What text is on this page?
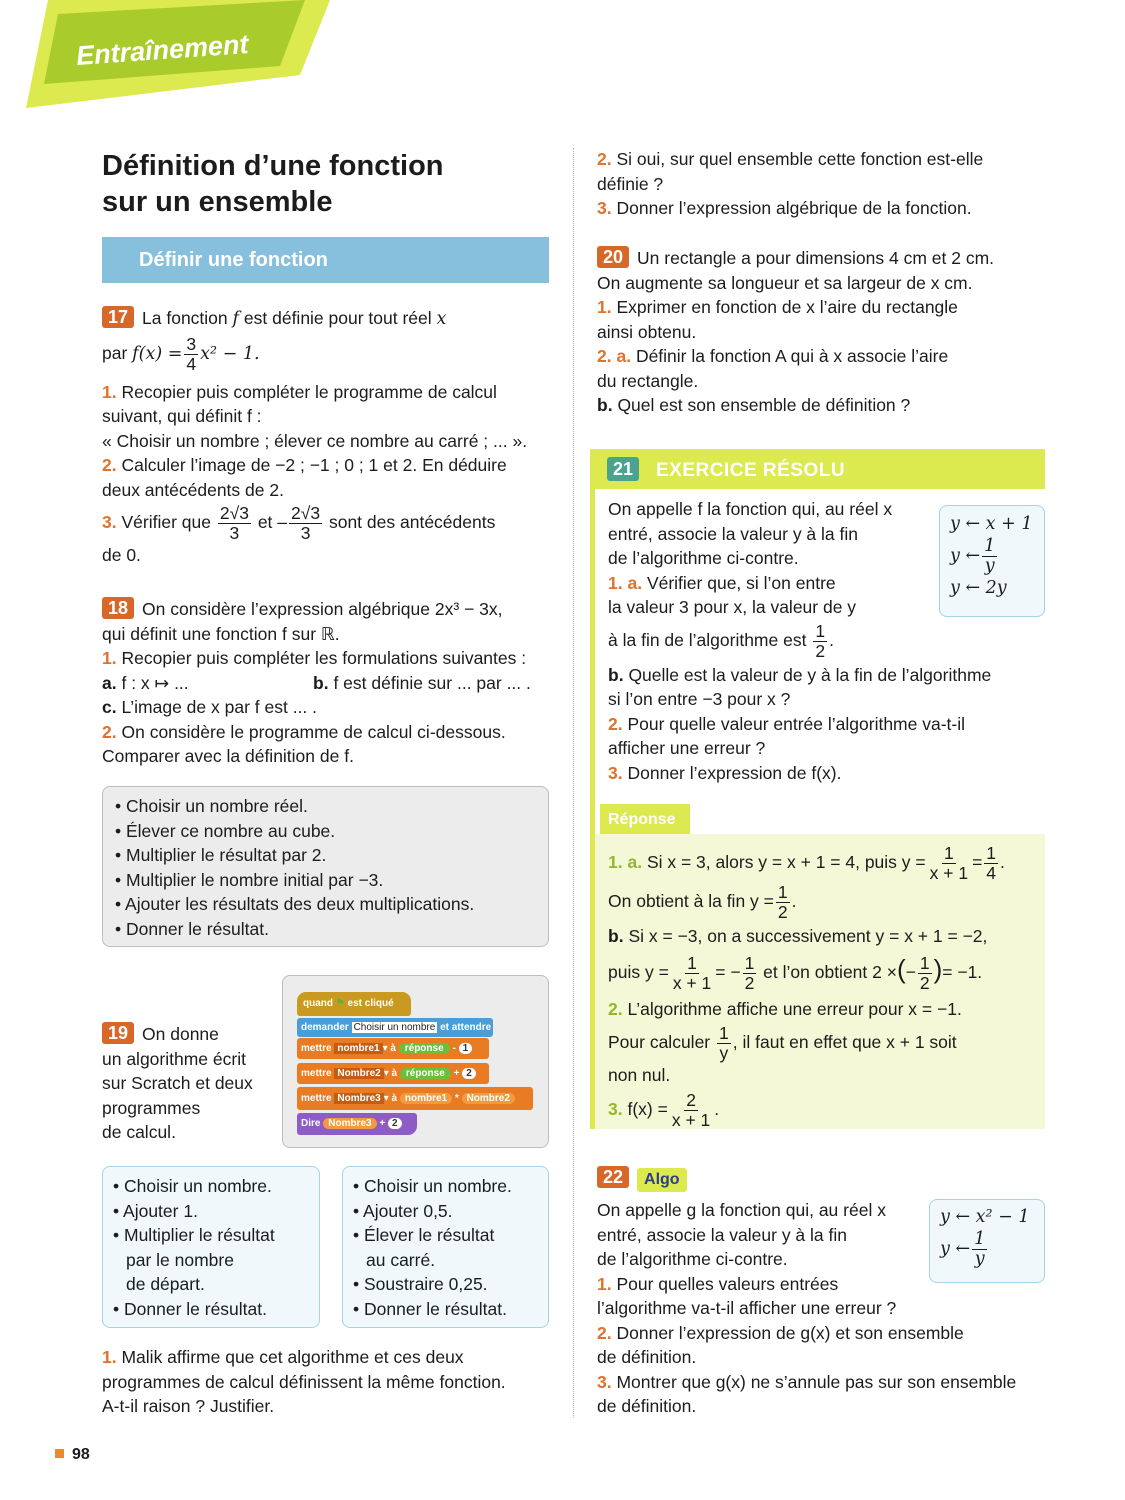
Entraînement
Définition d’une fonction
sur un ensemble
Définir une fonction
17 La fonction f est définie pour tout réel x
par $f(x) = \frac{3}{4} x^2 - 1$.
1. Recopier puis compléter le programme de calcul
suivant, qui définit f :
« Choisir un nombre ; élever ce nombre au carré ; ... ».
2. Calculer l’image de −2 ; −1 ; 0 ; 1 et 2. En déduire
deux antécédents de 2.
3. Vérifier que $\frac{2√3}{3}$ et – $\frac{2√3}{3}$ sont des antécédents
de 0.
18 On considère l’expression algébrique 2x³ − 3x,
qui définit une fonction f sur ℝ.
1. Recopier puis compléter les formulations suivantes :
a. f : x ↦ ...	b. f est définie sur ... par ... .
c. L’image de x par f est ... .
2. On considère le programme de calcul ci-dessous.
Comparer avec la définition de f.
• Choisir un nombre réel.
• Élever ce nombre au cube.
• Multiplier le résultat par 2.
• Multiplier le nombre initial par −3.
• Ajouter les résultats des deux multiplications.
• Donner le résultat.
quand ⚑ est cliqué
demander Choisir un nombre et attendre
mettre nombre1 ▾ à réponse - 1
mettre Nombre2 ▾ à réponse + 2
mettre Nombre3 ▾ à nombre1 * Nombre2
Dire Nombre3 + 2
19 On donne
un algorithme écrit
sur Scratch et deux
programmes
de calcul.
• Choisir un nombre.
• Ajouter 1.
• Multiplier le résultat
par le nombre
de départ.
• Donner le résultat.
• Choisir un nombre.
• Ajouter 0,5.
• Élever le résultat
au carré.
• Soustraire 0,25.
• Donner le résultat.
1. Malik affirme que cet algorithme et ces deux
programmes de calcul définissent la même fonction.
A-t-il raison ? Justifier.
2. Si oui, sur quel ensemble cette fonction est-elle
définie ?
3. Donner l’expression algébrique de la fonction.
20 Un rectangle a pour dimensions 4 cm et 2 cm.
On augmente sa longueur et sa largeur de x cm.
1. Exprimer en fonction de x l’aire du rectangle
ainsi obtenu.
2. a. Définir la fonction A qui à x associe l’aire
du rectangle.
b. Quel est son ensemble de définition ?
21	EXERCICE RÉSOLU
On appelle f la fonction qui, au réel x
entré, associe la valeur y à la fin
de l’algorithme ci-contre.
1. a. Vérifier que, si l’on entre
la valeur 3 pour x, la valeur de y
à la fin de l’algorithme est $\frac{1}{2}$ .
b. Quelle est la valeur de y à la fin de l’algorithme
si l’on entre −3 pour x ?
2. Pour quelle valeur entrée l’algorithme va-t-il
afficher une erreur ?
3. Donner l’expression de f(x).
y ← x + 1
y ← $\frac{1}{y}$
y ← 2y
Réponse
1. a. Si x = 3, alors y = x + 1 = 4, puis $y = \frac{1}{x + 1} = \frac{1}{4}$ .
On obtient à la fin $y = \frac{1}{2}$ .
b. Si x = −3, on a successivement y = x + 1 = −2,
puis $y = \frac{1}{x + 1}$ = − $\frac{1}{2}$ et l’on obtient 2 ×(− $\frac{1}{2}$ )= −1.
2. L’algorithme affiche une erreur pour x = −1.
Pour calculer $\frac{1}{y}$ , il faut en effet que x + 1 soit
non nul.
3. $f(x) = \frac{2}{x + 1}$ .
22 Algo
On appelle g la fonction qui, au réel x
entré, associe la valeur y à la fin
de l’algorithme ci-contre.
1. Pour quelles valeurs entrées
l’algorithme va-t-il afficher une erreur ?
2. Donner l’expression de g(x) et son ensemble
de définition.
3. Montrer que g(x) ne s’annule pas sur son ensemble
de définition.
y ← x² − 1
y ← $\frac{1}{y}$
98
